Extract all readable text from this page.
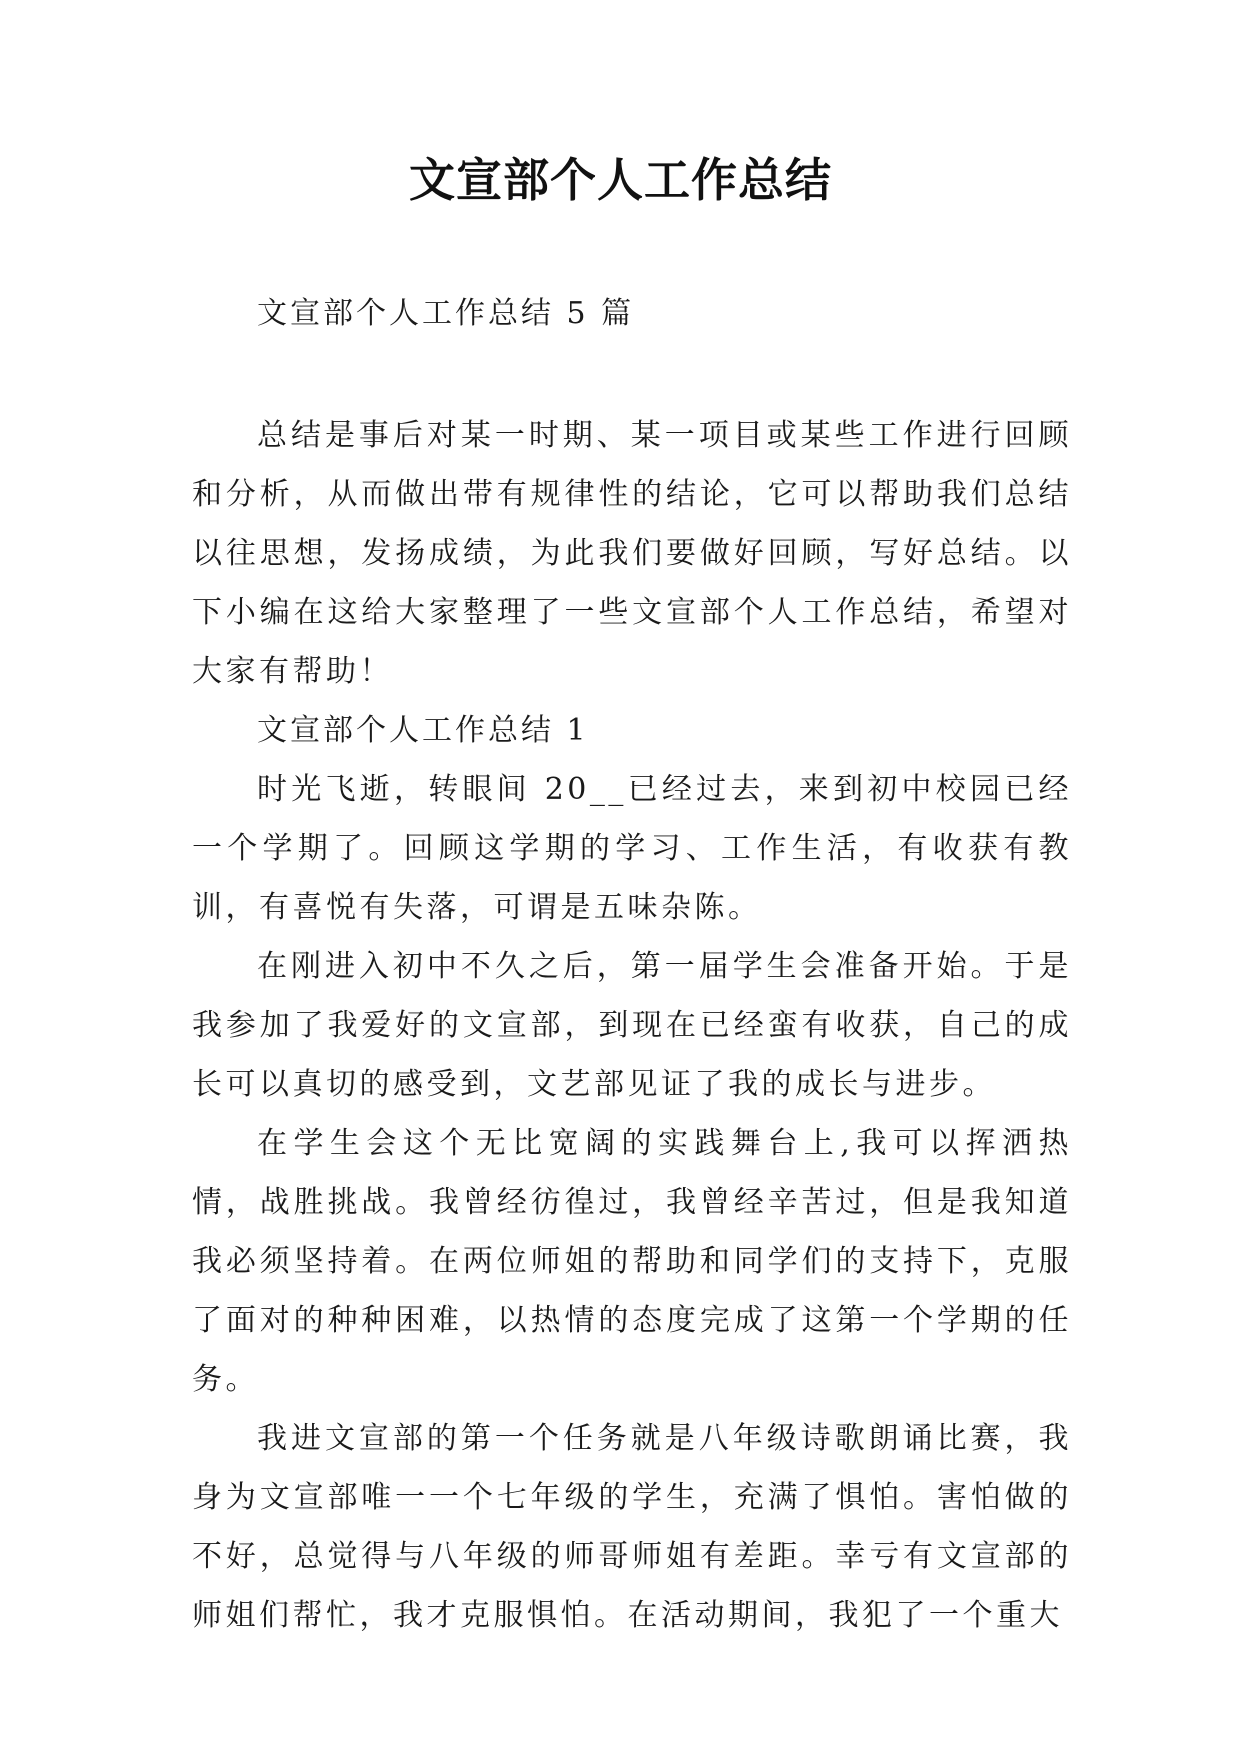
文宣部个人工作总结

文宣部个人工作总结 5 篇

总结是事后对某一时期、某一项目或某些工作进行回顾和分析，从而做出带有规律性的结论，它可以帮助我们总结以往思想，发扬成绩，为此我们要做好回顾，写好总结。以下小编在这给大家整理了一些文宣部个人工作总结，希望对大家有帮助！

文宣部个人工作总结 1

时光飞逝，转眼间 20__已经过去，来到初中校园已经一个学期了。回顾这学期的学习、工作生活，有收获有教训，有喜悦有失落，可谓是五味杂陈。

在刚进入初中不久之后，第一届学生会准备开始。于是我参加了我爱好的文宣部，到现在已经蛮有收获，自己的成长可以真切的感受到，文艺部见证了我的成长与进步。

在学生会这个无比宽阔的实践舞台上,我可以挥洒热情，战胜挑战。我曾经彷徨过，我曾经辛苦过，但是我知道我必须坚持着。在两位师姐的帮助和同学们的支持下，克服了面对的种种困难，以热情的态度完成了这第一个学期的任务。

我进文宣部的第一个任务就是八年级诗歌朗诵比赛，我身为文宣部唯一一个七年级的学生，充满了惧怕。害怕做的不好，总觉得与八年级的师哥师姐有差距。幸亏有文宣部的师姐们帮忙，我才克服惧怕。在活动期间，我犯了一个重大
